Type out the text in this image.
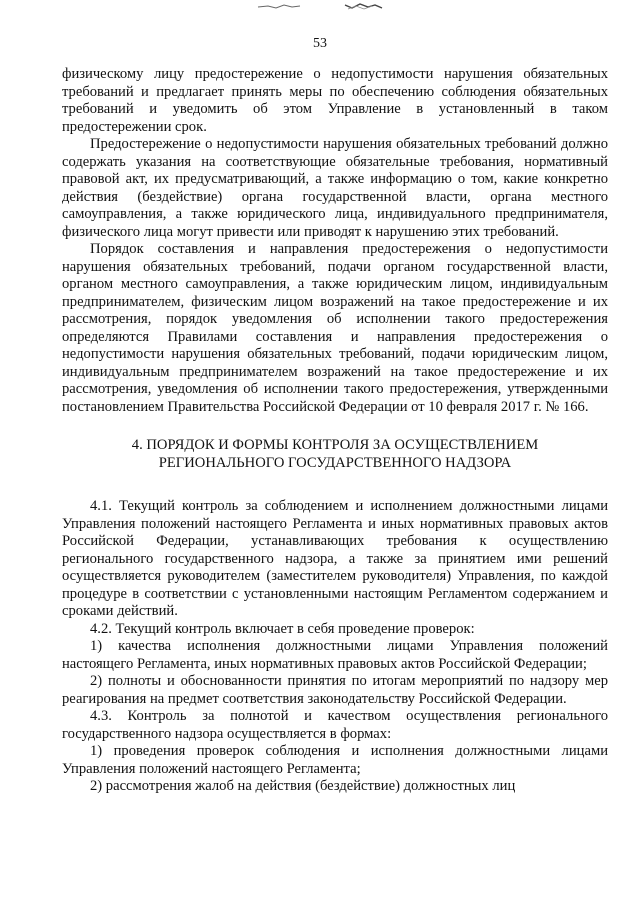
53

физическому лицу предостережение о недопустимости нарушения обязательных требований и предлагает принять меры по обеспечению соблюдения обязательных требований и уведомить об этом Управление в установленный в таком предостережении срок.

Предостережение о недопустимости нарушения обязательных требований должно содержать указания на соответствующие обязательные требования, нормативный правовой акт, их предусматривающий, а также информацию о том, какие конкретно действия (бездействие) органа государственной власти, органа местного самоуправления, а также юридического лица, индивидуального предпринимателя, физического лица могут привести или приводят к нарушению этих требований.

Порядок составления и направления предостережения о недопустимости нарушения обязательных требований, подачи органом государственной власти, органом местного самоуправления, а также юридическим лицом, индивидуальным предпринимателем, физическим лицом возражений на такое предостережение и их рассмотрения, порядок уведомления об исполнении такого предостережения определяются Правилами составления и направления предостережения о недопустимости нарушения обязательных требований, подачи юридическим лицом, индивидуальным предпринимателем возражений на такое предостережение и их рассмотрения, уведомления об исполнении такого предостережения, утвержденными постановлением Правительства Российской Федерации от 10 февраля 2017 г. № 166.

4. ПОРЯДОК И ФОРМЫ КОНТРОЛЯ ЗА ОСУЩЕСТВЛЕНИЕМ
РЕГИОНАЛЬНОГО ГОСУДАРСТВЕННОГО НАДЗОРА

4.1. Текущий контроль за соблюдением и исполнением должностными лицами Управления положений настоящего Регламента и иных нормативных правовых актов Российской Федерации, устанавливающих требования к осуществлению регионального государственного надзора, а также за принятием ими решений осуществляется руководителем (заместителем руководителя) Управления, по каждой процедуре в соответствии с установленными настоящим Регламентом содержанием и сроками действий.

4.2. Текущий контроль включает в себя проведение проверок:

1) качества исполнения должностными лицами Управления положений настоящего Регламента, иных нормативных правовых актов Российской Федерации;

2) полноты и обоснованности принятия по итогам мероприятий по надзору мер реагирования на предмет соответствия законодательству Российской Федерации.

4.3. Контроль за полнотой и качеством осуществления регионального государственного надзора осуществляется в формах:

1) проведения проверок соблюдения и исполнения должностными лицами Управления положений настоящего Регламента;

2) рассмотрения жалоб на действия (бездействие) должностных лиц
